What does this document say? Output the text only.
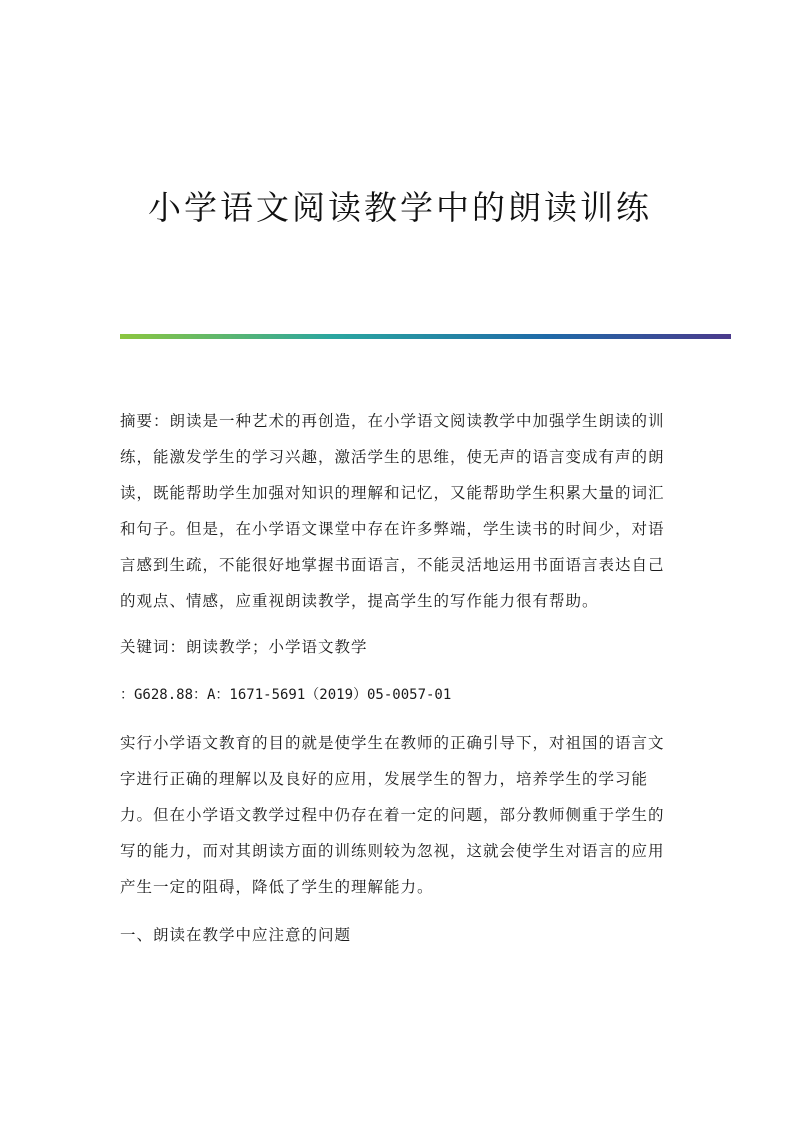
小学语文阅读教学中的朗读训练

摘要：朗读是一种艺术的再创造，在小学语文阅读教学中加强学生朗读的训练，能激发学生的学习兴趣，激活学生的思维，使无声的语言变成有声的朗读，既能帮助学生加强对知识的理解和记忆，又能帮助学生积累大量的词汇和句子。但是，在小学语文课堂中存在许多弊端，学生读书的时间少，对语言感到生疏，不能很好地掌握书面语言，不能灵活地运用书面语言表达自己的观点、情感，应重视朗读教学，提高学生的写作能力很有帮助。

关键词：朗读教学；小学语文教学

：G628.88：A：1671-5691（2019）05-0057-01

实行小学语文教育的目的就是使学生在教师的正确引导下，对祖国的语言文字进行正确的理解以及良好的应用，发展学生的智力，培养学生的学习能力。但在小学语文教学过程中仍存在着一定的问题，部分教师侧重于学生的写的能力，而对其朗读方面的训练则较为忽视，这就会使学生对语言的应用产生一定的阻碍，降低了学生的理解能力。

一、朗读在教学中应注意的问题
